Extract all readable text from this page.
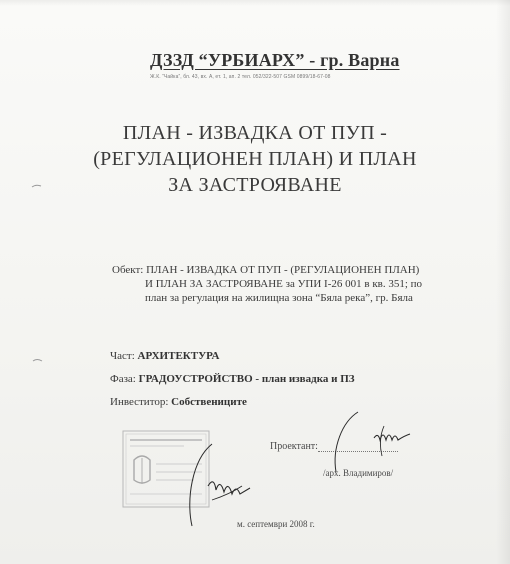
ДЗЗД “УРБИАРХ” - гр. Варна
Ж.К. “Чайка”, бл. 43, вх. А, ет. 1, ап. 2 тел. 052/322-507 GSM 0899/18-67-08
ПЛАН - ИЗВАДКА ОТ ПУП -
(РЕГУЛАЦИОНЕН ПЛАН) И ПЛАН
ЗА ЗАСТРОЯВАНЕ
Обект: ПЛАН - ИЗВАДКА ОТ ПУП - (РЕГУЛАЦИОНЕН ПЛАН)
И ПЛАН ЗА ЗАСТРОЯВАНЕ за УПИ I-26 001 в кв. 351; по
план за регулация на жилищна зона “Бяла река”, гр. Бяла
Част: АРХИТЕКТУРА
Фаза: ГРАДОУСТРОЙСТВО - план извадка и ПЗ
Инвеститор: Собствениците
Проектант:
/арх. Владимиров/
м. септември 2008 г.
